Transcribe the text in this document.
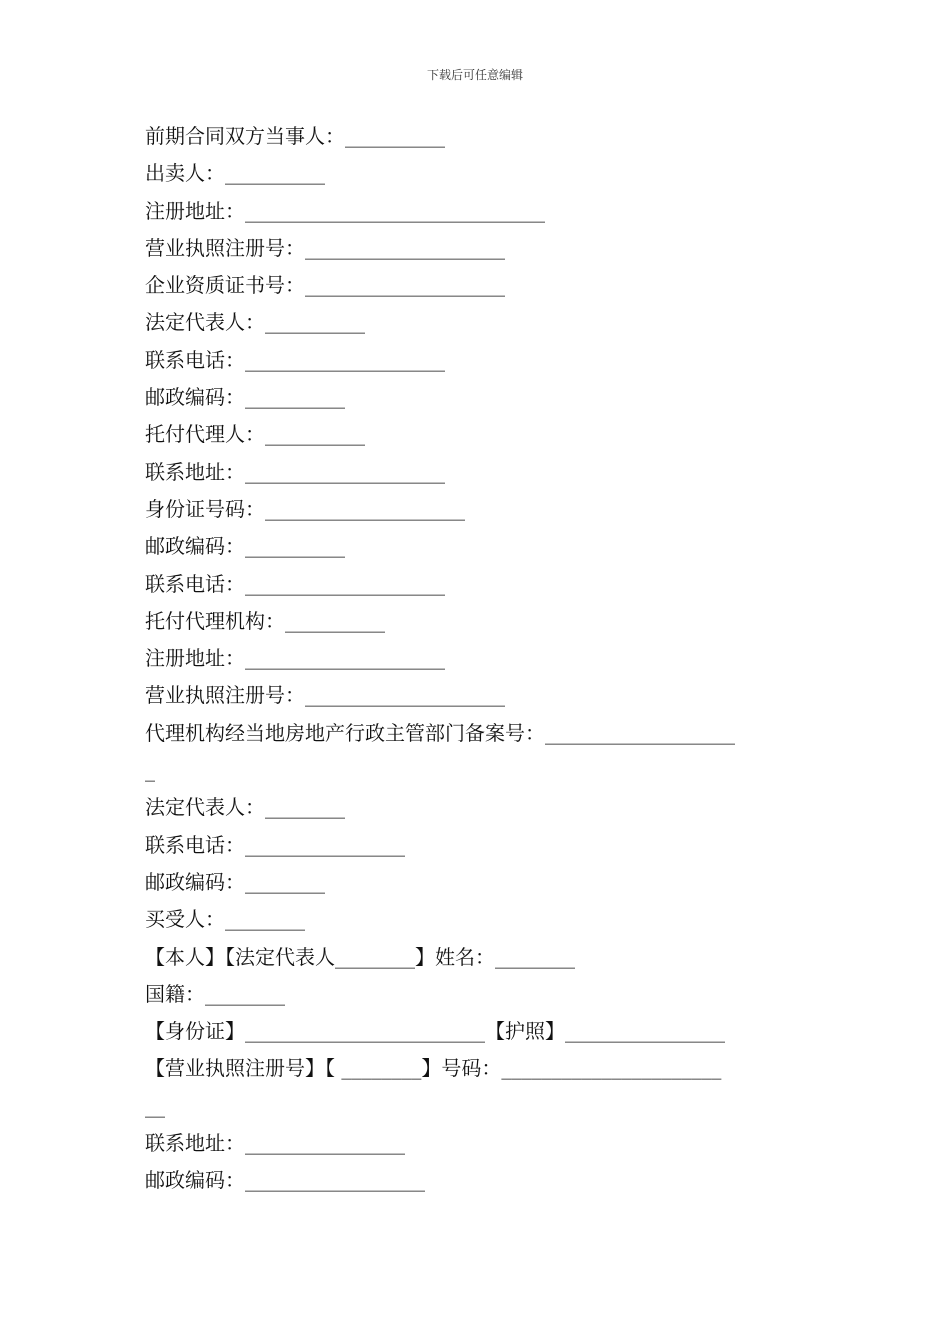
下载后可任意编辑
前期合同双方当事人：__________
出卖人：__________
注册地址：______________________________
营业执照注册号：____________________
企业资质证书号：____________________
法定代表人：__________
联系电话：____________________
邮政编码：__________
托付代理人：__________
联系地址：____________________
身份证号码：____________________
邮政编码：__________
联系电话：____________________
托付代理机构：__________
注册地址：____________________
营业执照注册号：____________________
代理机构经当地房地产行政主管部门备案号：___________________
_
法定代表人：________
联系电话：________________
邮政编码：________
买受人：________
【本人】【法定代表人________】姓名：________
国籍：________
【身份证】________________________【护照】________________
【营业执照注册号】【 ________】号码：______________________
__
联系地址：________________
邮政编码：__________________
